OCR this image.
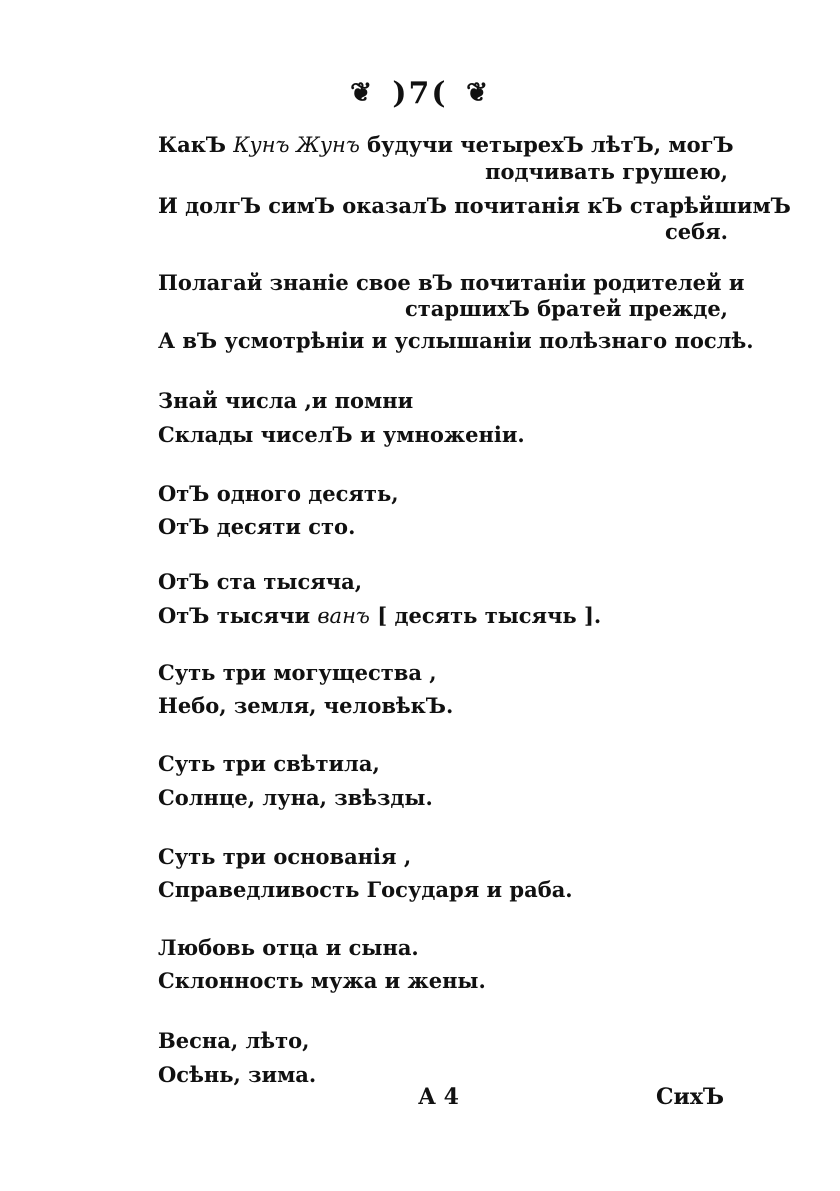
❦ )7( ❦
КакЪ Кунъ Жунъ будучи четырехЪ лѣтЪ, могЪ
подчивать грушею,
И долгЪ симЪ оказалЪ почитанія кЪ старѣйшимЪ
себя.
Полагай знаніе свое вЪ почитаніи родителей и
старшихЪ братей прежде,
А вЪ усмотрѣніи и услышаніи полѣзнаго послѣ.
Знай числа ,и помни
Склады чиселЪ и умноженіи.
ОтЪ одного десять,
ОтЪ десяти сто.
ОтЪ ста тысяча,
ОтЪ тысячи ванъ [ десять тысячь ].
Суть три могущества ,
Небо, земля, человѣкЪ.
Суть три свѣтила,
Солнце, луна, звѣзды.
Суть три основанія ,
Справедливость Государя и раба.
Любовь отца и сына.
Склонность мужа и жены.
Весна, лѣто,
Осѣнь, зима.
А 4	СихЪ
